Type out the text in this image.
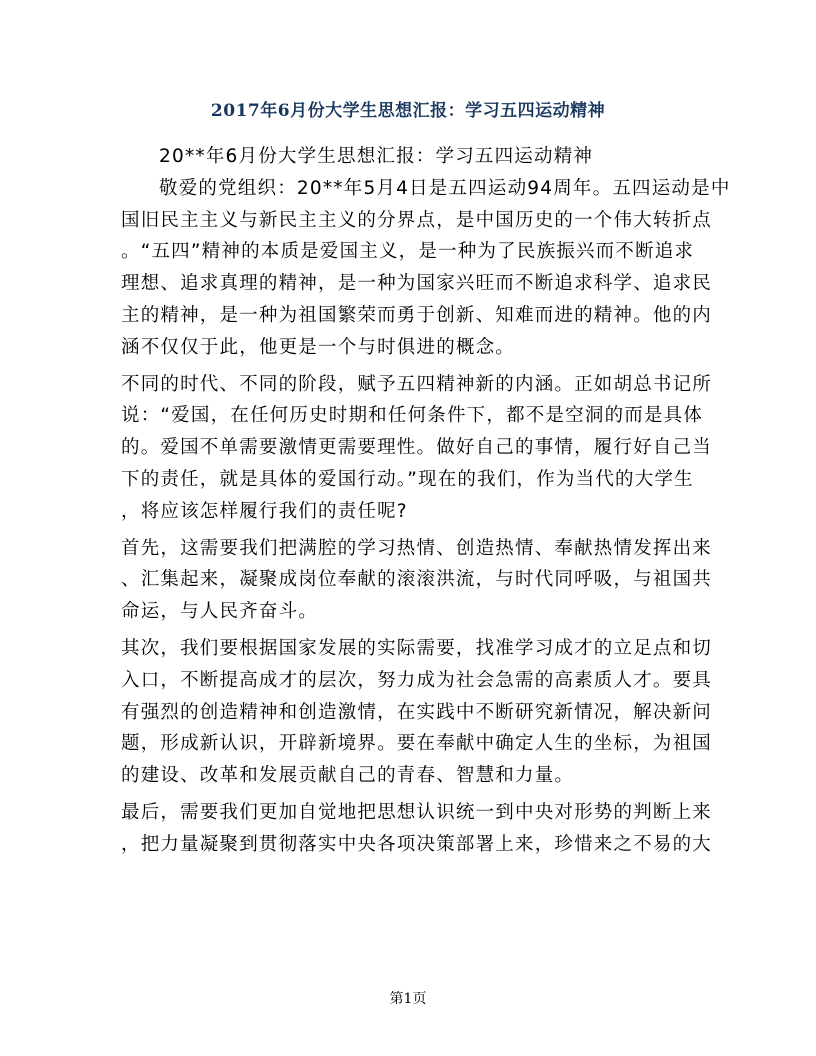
2017年6月份大学生思想汇报：学习五四运动精神
20**年6月份大学生思想汇报：学习五四运动精神
敬爱的党组织：20**年5月4日是五四运动94周年。五四运动是中
国旧民主主义与新民主主义的分界点，是中国历史的一个伟大转折点
。“五四”精神的本质是爱国主义，是一种为了民族振兴而不断追求
理想、追求真理的精神，是一种为国家兴旺而不断追求科学、追求民
主的精神，是一种为祖国繁荣而勇于创新、知难而进的精神。他的内
涵不仅仅于此，他更是一个与时俱进的概念。
不同的时代、不同的阶段，赋予五四精神新的内涵。正如胡总书记所
说：“爱国，在任何历史时期和任何条件下，都不是空洞的而是具体
的。爱国不单需要激情更需要理性。做好自己的事情，履行好自己当
下的责任，就是具体的爱国行动。”现在的我们，作为当代的大学生
，将应该怎样履行我们的责任呢?
首先，这需要我们把满腔的学习热情、创造热情、奉献热情发挥出来
、汇集起来，凝聚成岗位奉献的滚滚洪流，与时代同呼吸，与祖国共
命运，与人民齐奋斗。
其次，我们要根据国家发展的实际需要，找准学习成才的立足点和切
入口，不断提高成才的层次，努力成为社会急需的高素质人才。要具
有强烈的创造精神和创造激情，在实践中不断研究新情况，解决新问
题，形成新认识，开辟新境界。要在奉献中确定人生的坐标，为祖国
的建设、改革和发展贡献自己的青春、智慧和力量。
最后，需要我们更加自觉地把思想认识统一到中央对形势的判断上来
，把力量凝聚到贯彻落实中央各项决策部署上来，珍惜来之不易的大
第1页
